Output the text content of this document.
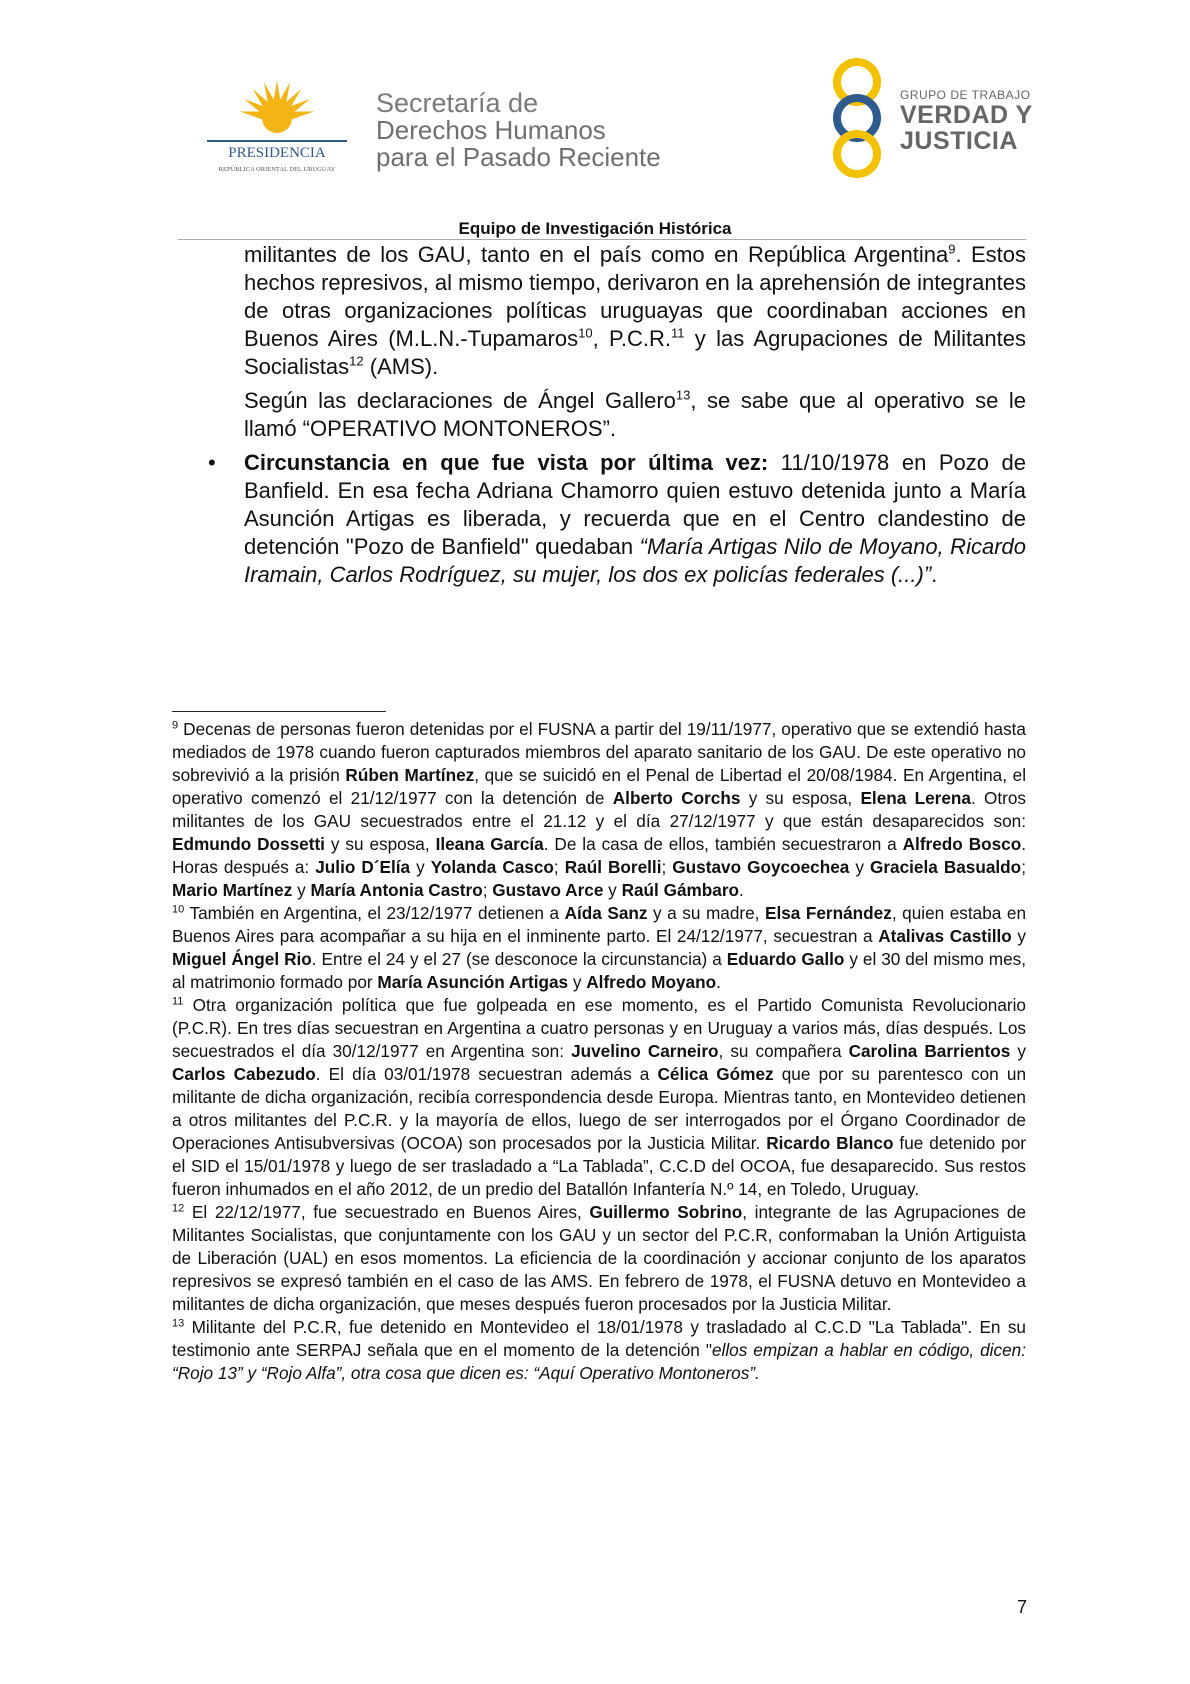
PRESIDENCIA
REPÚBLICA ORIENTAL DEL URUGUAY
Secretaría de
Derechos Humanos
para el Pasado Reciente
GRUPO DE TRABAJO
VERDAD Y
JUSTICIA
Equipo de Investigación Histórica

militantes de los GAU, tanto en el país como en República Argentina$^9$. Estos hechos represivos, al mismo tiempo, derivaron en la aprehensión de integrantes de otras organizaciones políticas uruguayas que coordinaban acciones en Buenos Aires (M.L.N.-Tupamaros$^{10}$, P.C.R.$^{11}$ y las Agrupaciones de Militantes Socialistas$^{12}$ (AMS).

Según las declaraciones de Ángel Gallero$^{13}$, se sabe que al operativo se le llamó “OPERATIVO MONTONEROS”.

• Circunstancia en que fue vista por última vez: 11/10/1978 en Pozo de Banfield. En esa fecha Adriana Chamorro quien estuvo detenida junto a María Asunción Artigas es liberada, y recuerda que en el Centro clandestino de detención "Pozo de Banfield" quedaban “María Artigas Nilo de Moyano, Ricardo Iramain, Carlos Rodríguez, su mujer, los dos ex policías federales (...)”.

$^9$ Decenas de personas fueron detenidas por el FUSNA a partir del 19/11/1977, operativo que se extendió hasta mediados de 1978 cuando fueron capturados miembros del aparato sanitario de los GAU. De este operativo no sobrevivió a la prisión Rúben Martínez, que se suicidó en el Penal de Libertad el 20/08/1984. En Argentina, el operativo comenzó el 21/12/1977 con la detención de Alberto Corchs y su esposa, Elena Lerena. Otros militantes de los GAU secuestrados entre el 21.12 y el día 27/12/1977 y que están desaparecidos son: Edmundo Dossetti y su esposa, Ileana García. De la casa de ellos, también secuestraron a Alfredo Bosco. Horas después a: Julio D´Elía y Yolanda Casco; Raúl Borelli; Gustavo Goycoechea y Graciela Basualdo; Mario Martínez y María Antonia Castro; Gustavo Arce y Raúl Gámbaro.

$^{10}$ También en Argentina, el 23/12/1977 detienen a Aída Sanz y a su madre, Elsa Fernández, quien estaba en Buenos Aires para acompañar a su hija en el inminente parto. El 24/12/1977, secuestran a Atalivas Castillo y Miguel Ángel Rio. Entre el 24 y el 27 (se desconoce la circunstancia) a Eduardo Gallo y el 30 del mismo mes, al matrimonio formado por María Asunción Artigas y Alfredo Moyano.

$^{11}$ Otra organización política que fue golpeada en ese momento, es el Partido Comunista Revolucionario (P.C.R). En tres días secuestran en Argentina a cuatro personas y en Uruguay a varios más, días después. Los secuestrados el día 30/12/1977 en Argentina son: Juvelino Carneiro, su compañera Carolina Barrientos y Carlos Cabezudo. El día 03/01/1978 secuestran además a Célica Gómez que por su parentesco con un militante de dicha organización, recibía correspondencia desde Europa. Mientras tanto, en Montevideo detienen a otros militantes del P.C.R. y la mayoría de ellos, luego de ser interrogados por el Órgano Coordinador de Operaciones Antisubversivas (OCOA) son procesados por la Justicia Militar. Ricardo Blanco fue detenido por el SID el 15/01/1978 y luego de ser trasladado a “La Tablada”, C.C.D del OCOA, fue desaparecido. Sus restos fueron inhumados en el año 2012, de un predio del Batallón Infantería N.º 14, en Toledo, Uruguay.

$^{12}$ El 22/12/1977, fue secuestrado en Buenos Aires, Guillermo Sobrino, integrante de las Agrupaciones de Militantes Socialistas, que conjuntamente con los GAU y un sector del P.C.R, conformaban la Unión Artiguista de Liberación (UAL) en esos momentos. La eficiencia de la coordinación y accionar conjunto de los aparatos represivos se expresó también en el caso de las AMS. En febrero de 1978, el FUSNA detuvo en Montevideo a militantes de dicha organización, que meses después fueron procesados por la Justicia Militar.

$^{13}$ Militante del P.C.R, fue detenido en Montevideo el 18/01/1978 y trasladado al C.C.D "La Tablada". En su testimonio ante SERPAJ señala que en el momento de la detención "ellos empizan a hablar en código, dicen: “Rojo 13” y “Rojo Alfa”, otra cosa que dicen es: “Aquí Operativo Montoneros”.

7
